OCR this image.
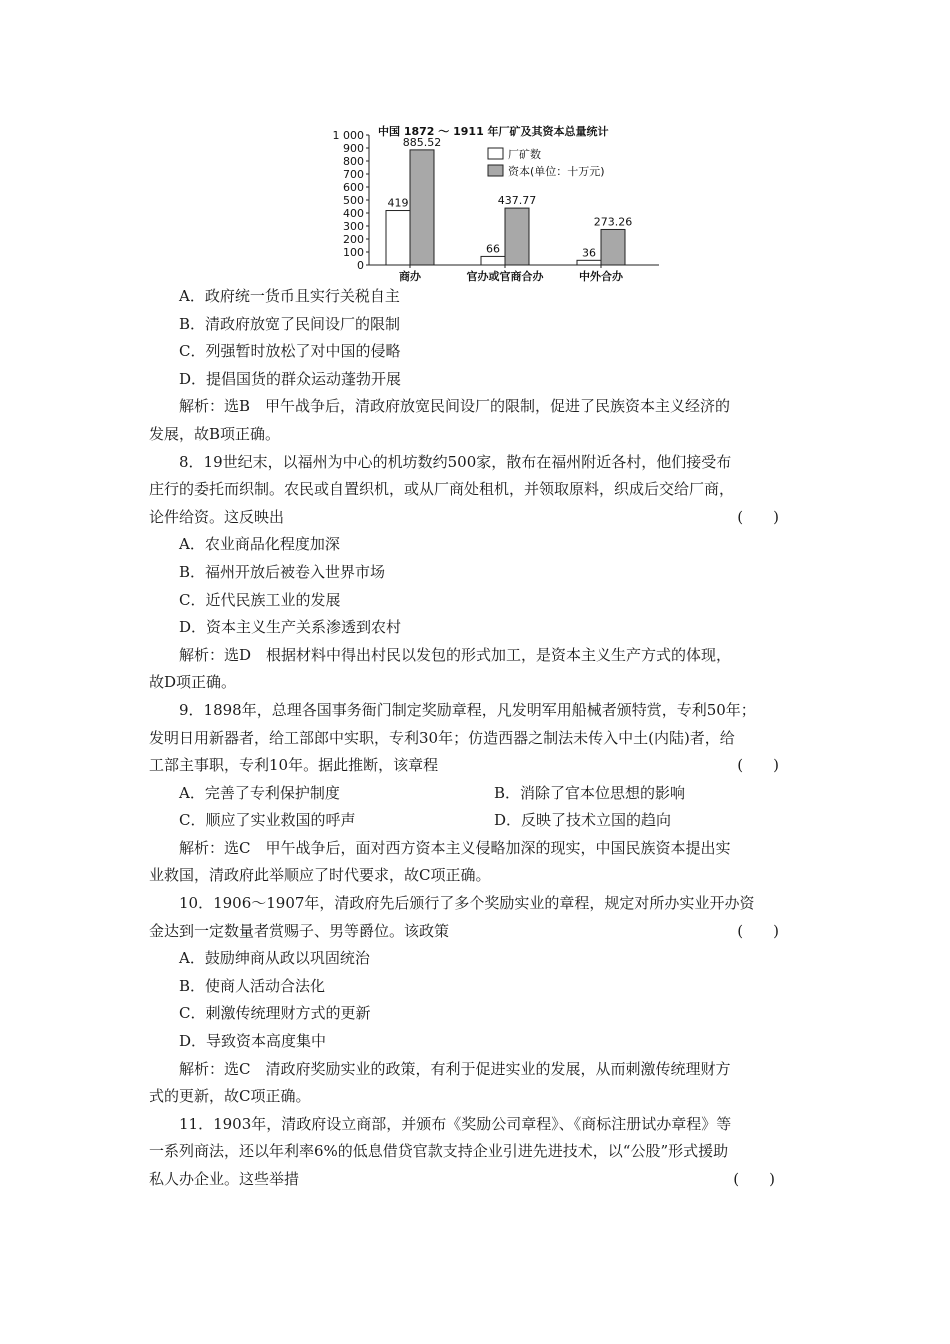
中国 1872 ～ 1911 年厂矿及其资本总量统计
0
100
200
300
400
500
600
700
800
900
1 000
419
885.52
商办
66
437.77
官办或官商合办
36
273.26
中外合办
厂矿数
资本(单位：十万元)
A．政府统一货币且实行关税自主
B．清政府放宽了民间设厂的限制
C．列强暂时放松了对中国的侵略
D．提倡国货的群众运动蓬勃开展
解析：选B　甲午战争后，清政府放宽民间设厂的限制，促进了民族资本主义经济的
发展，故B项正确。
8．19世纪末，以福州为中心的机坊数约500家，散布在福州附近各村，他们接受布
庄行的委托而织制。农民或自置织机，或从厂商处租机，并领取原料，织成后交给厂商，
论件给资。这反映出	(　　)
A．农业商品化程度加深
B．福州开放后被卷入世界市场
C．近代民族工业的发展
D．资本主义生产关系渗透到农村
解析：选D　根据材料中得出村民以发包的形式加工，是资本主义生产方式的体现，
故D项正确。
9．1898年，总理各国事务衙门制定奖励章程，凡发明军用船械者颁特赏，专利50年；
发明日用新器者，给工部郎中实职，专利30年；仿造西器之制法未传入中土(内陆)者，给
工部主事职，专利10年。据此推断，该章程	(　　)
A．完善了专利保护制度	B．消除了官本位思想的影响
C．顺应了实业救国的呼声	D．反映了技术立国的趋向
解析：选C　甲午战争后，面对西方资本主义侵略加深的现实，中国民族资本提出实
业救国，清政府此举顺应了时代要求，故C项正确。
10．1906～1907年，清政府先后颁行了多个奖励实业的章程，规定对所办实业开办资
金达到一定数量者赏赐子、男等爵位。该政策	(　　)
A．鼓励绅商从政以巩固统治
B．使商人活动合法化
C．刺激传统理财方式的更新
D．导致资本高度集中
解析：选C　清政府奖励实业的政策，有利于促进实业的发展，从而刺激传统理财方
式的更新，故C项正确。
11．1903年，清政府设立商部，并颁布《奖励公司章程》、《商标注册试办章程》等
一系列商法，还以年利率6%的低息借贷官款支持企业引进先进技术，以“公股”形式援助
私人办企业。这些举措	(　　)
